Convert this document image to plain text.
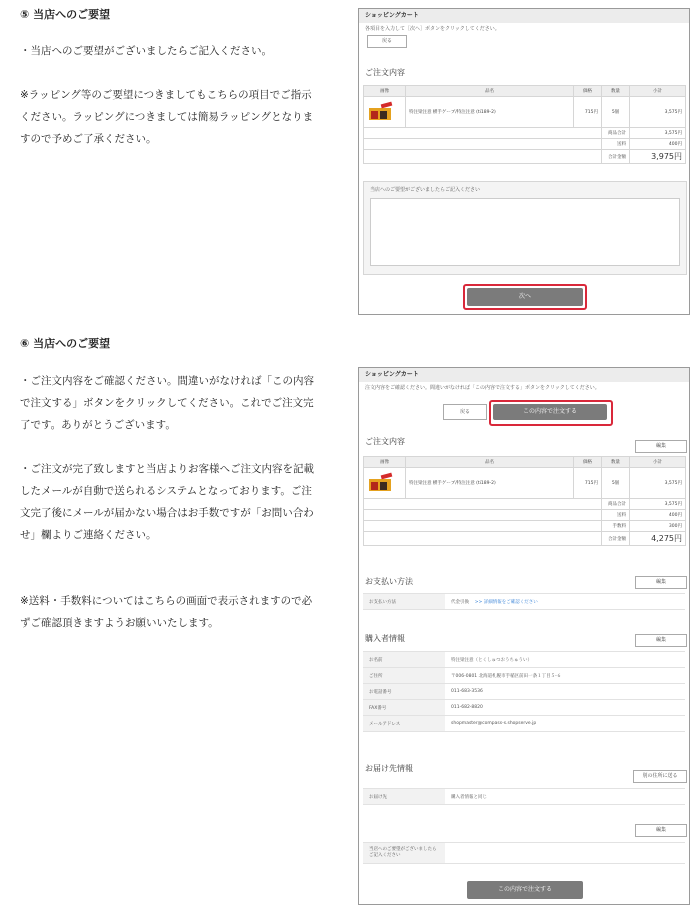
⑤ 当店へのご要望
・当店へのご要望がございましたらご記入ください。
※ラッピング等のご要望につきましてもこちらの項目でご指示ください。ラッピングにつきましては簡易ラッピングとなりますので予めご了承ください。
ショッピングカート
各項目を入力して［次へ］ボタンをクリックしてください。
戻る
ご注文内容
画像	品名	価格	数量	小計

	特注梁注意 横手ゲーブ/特注注意 (ti189-2)	715円	5個	3,575円
			商品合計	3,575円
			送料	400円
			合計金額	3,975円
当店へのご要望がございましたらご記入ください
次へ
⑥ 当店へのご要望
・ご注文内容をご確認ください。間違いがなければ「この内容で注文する」ボタンをクリックしてください。これでご注文完了です。ありがとうございます。
・ご注文が完了致しますと当店よりお客様へご注文内容を記載したメールが自動で送られるシステムとなっております。ご注文完了後にメールが届かない場合はお手数ですが「お問い合わせ」欄よりご連絡ください。
※送料・手数料についてはこちらの画面で表示されますので必ずご確認頂きますようお願いいたします。
ショッピングカート
注文内容をご確認ください。間違いがなければ「この内容で注文する」ボタンをクリックしてください。
戻る	この内容で注文する
ご注文内容	編集
画像	品名	価格	数量	小計

	特注梁注意 横手ゲーブ/特注注意 (ti189-2)	715円	5個	3,575円
			商品合計	3,575円
			送料	400円
			手数料	300円
			合計金額	4,275円
お支払い方法	編集
お支払い方法	代金引換 >> 詳細情報をご確認ください
購入者情報	編集
お名前	特注梁注意（とくしゅつおうちゅうい）
ご住所	〒006-0801 北海道札幌市手稲区前田一条１丁目５-６
お電話番号	011-683-3536
FAX番号	011-682-8820
メールアドレス	shopmaster@compass-s.shopserve.jp
お届け先情報
別の住所に送る
お届け先	購入者情報と同じ
編集
当店へのご要望がございましたらご記入ください	
この内容で注文する
